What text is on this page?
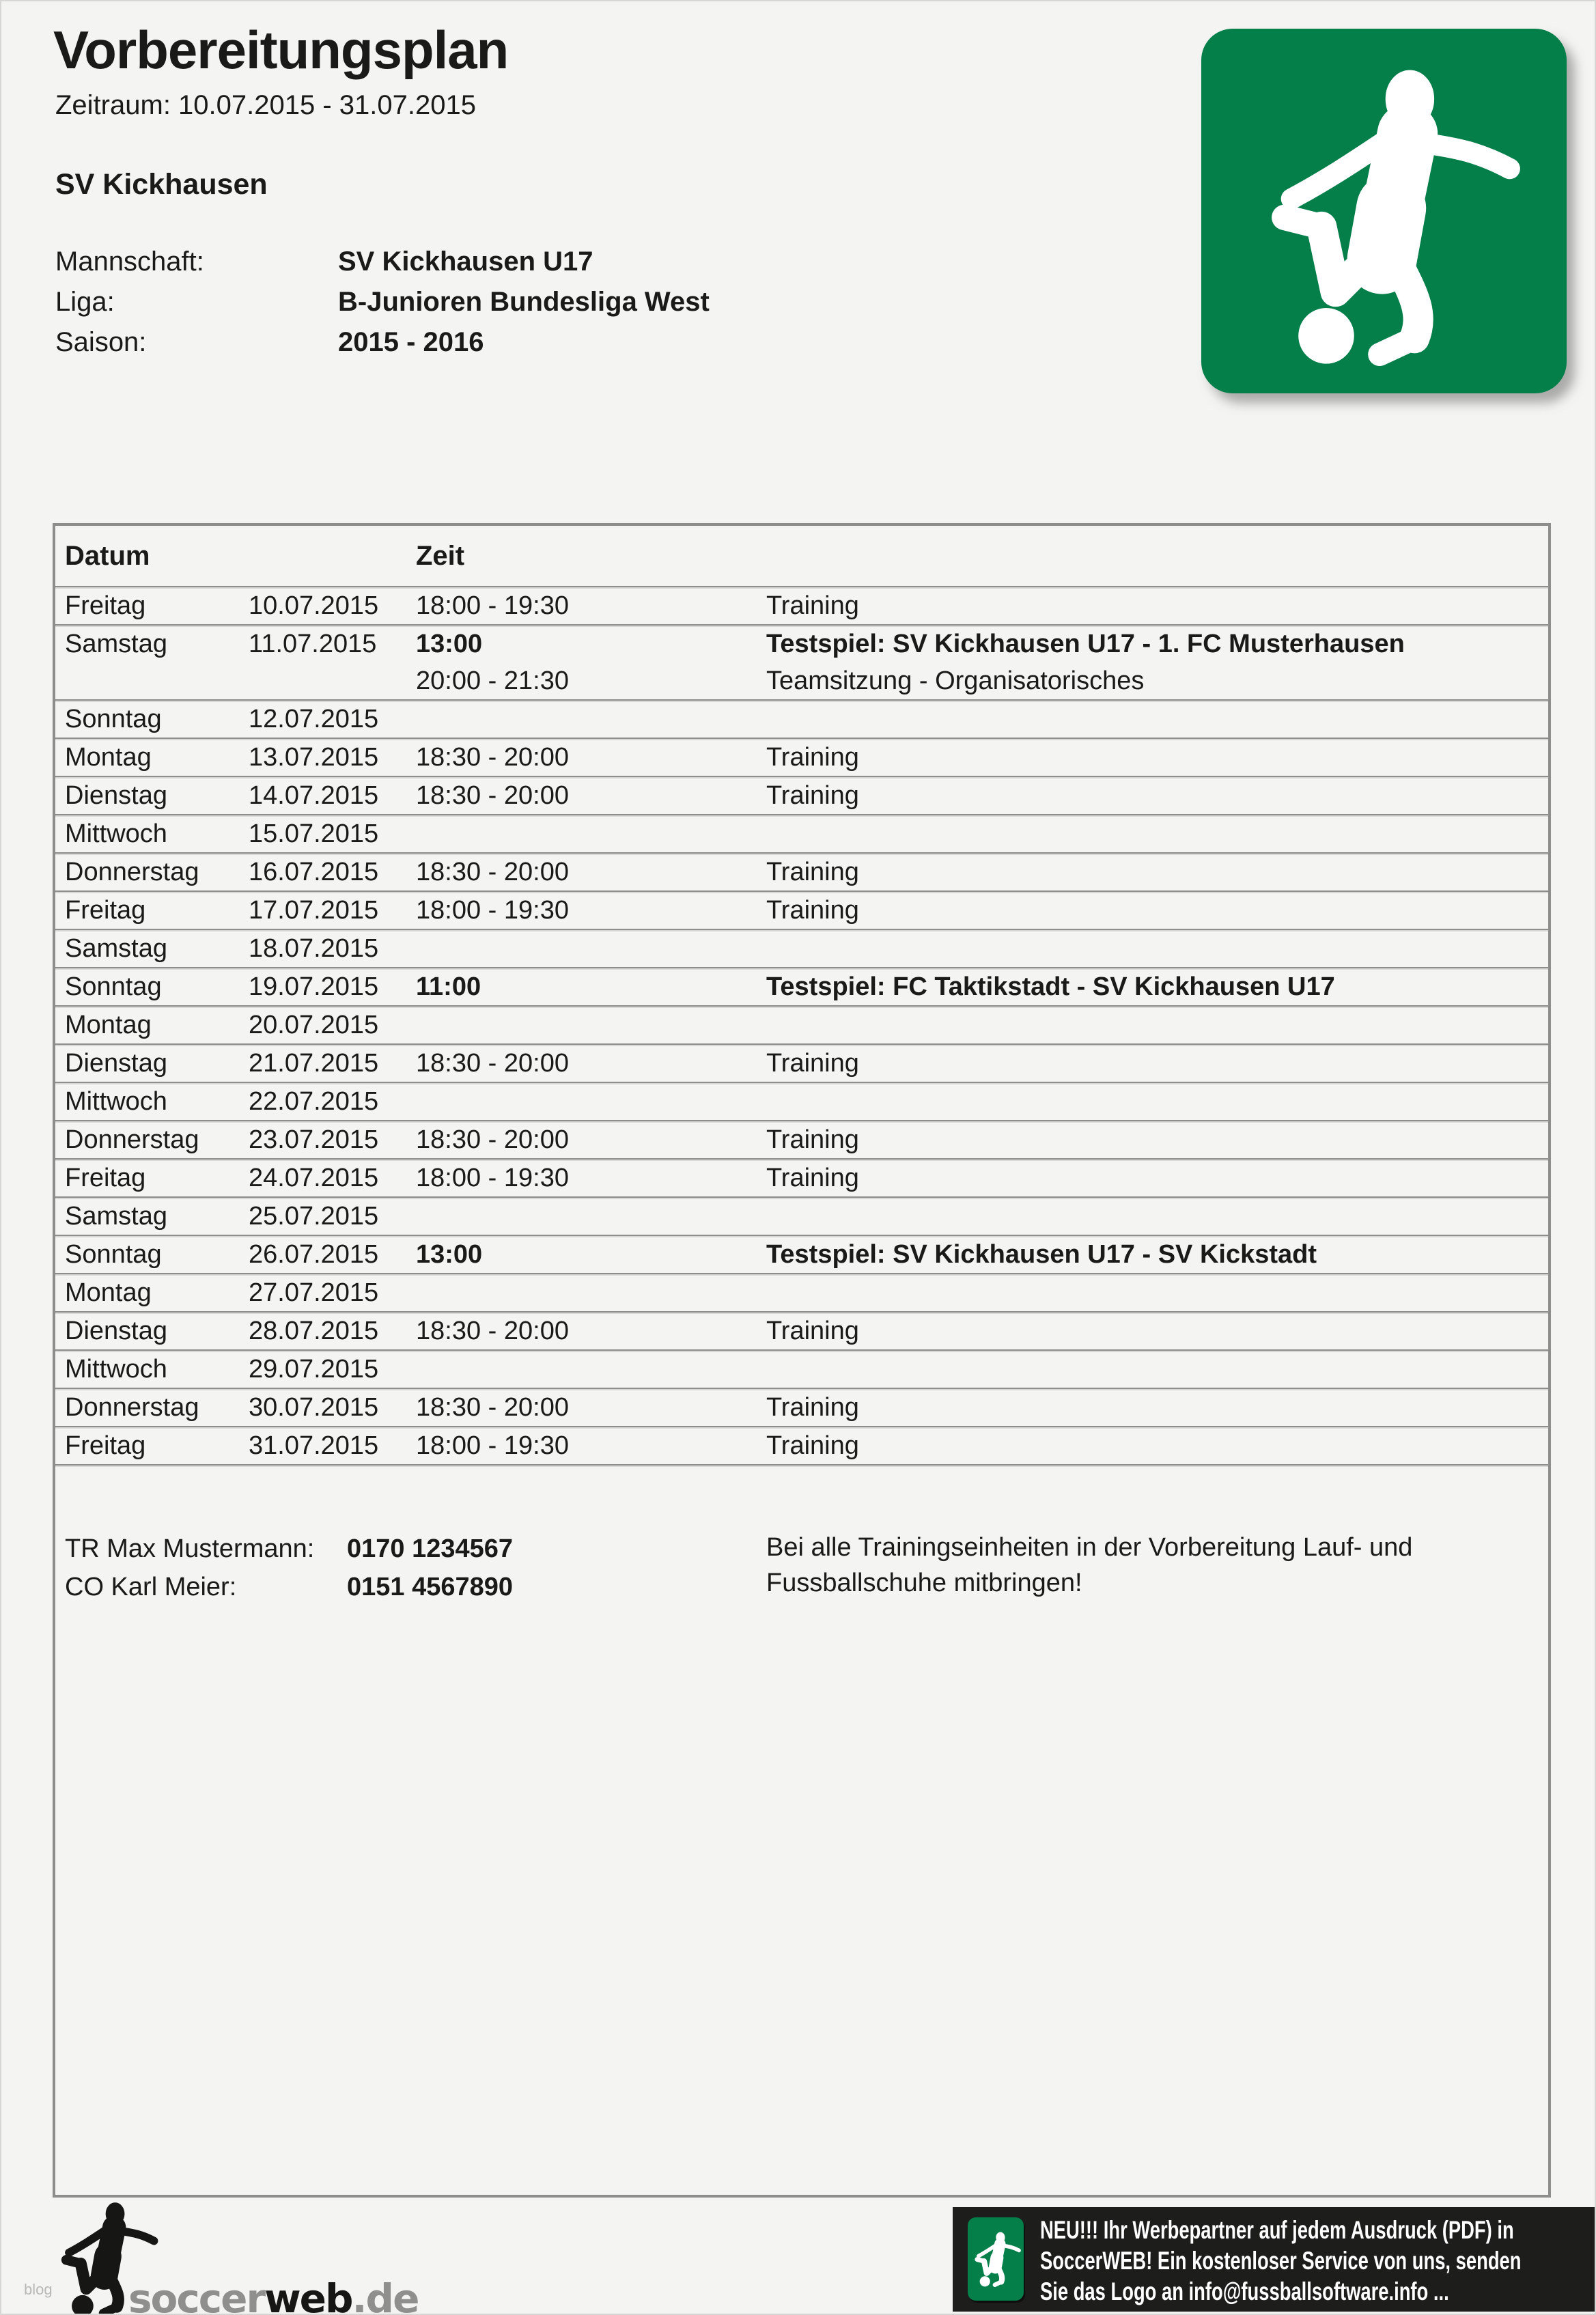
Vorbereitungsplan
Zeitraum: 10.07.2015 - 31.07.2015
SV Kickhausen
Mannschaft:	SV Kickhausen U17
Liga:	B-Junioren Bundesliga West
Saison:	2015 - 2016
Datum	Zeit
Freitag	10.07.2015	18:00 - 19:30	Training
Samstag	11.07.2015	13:00	Testspiel: SV Kickhausen U17 - 1. FC Musterhausen
20:00 - 21:30	Teamsitzung - Organisatorisches
Sonntag	12.07.2015
Montag	13.07.2015	18:30 - 20:00	Training
Dienstag	14.07.2015	18:30 - 20:00	Training
Mittwoch	15.07.2015
Donnerstag	16.07.2015	18:30 - 20:00	Training
Freitag	17.07.2015	18:00 - 19:30	Training
Samstag	18.07.2015
Sonntag	19.07.2015	11:00	Testspiel: FC Taktikstadt - SV Kickhausen U17
Montag	20.07.2015
Dienstag	21.07.2015	18:30 - 20:00	Training
Mittwoch	22.07.2015
Donnerstag	23.07.2015	18:30 - 20:00	Training
Freitag	24.07.2015	18:00 - 19:30	Training
Samstag	25.07.2015
Sonntag	26.07.2015	13:00	Testspiel: SV Kickhausen U17 - SV Kickstadt
Montag	27.07.2015
Dienstag	28.07.2015	18:30 - 20:00	Training
Mittwoch	29.07.2015
Donnerstag	30.07.2015	18:30 - 20:00	Training
Freitag	31.07.2015	18:00 - 19:30	Training
TR Max Mustermann:	0170 1234567
CO Karl Meier:	0151 4567890
Bei alle Trainingseinheiten in der Vorbereitung Lauf- und Fussballschuhe mitbringen!
blog soccerweb.de
NEU!!! Ihr Werbepartner auf jedem Ausdruck (PDF) in
SoccerWEB! Ein kostenloser Service von uns, senden
Sie das Logo an info@fussballsoftware.info ...
